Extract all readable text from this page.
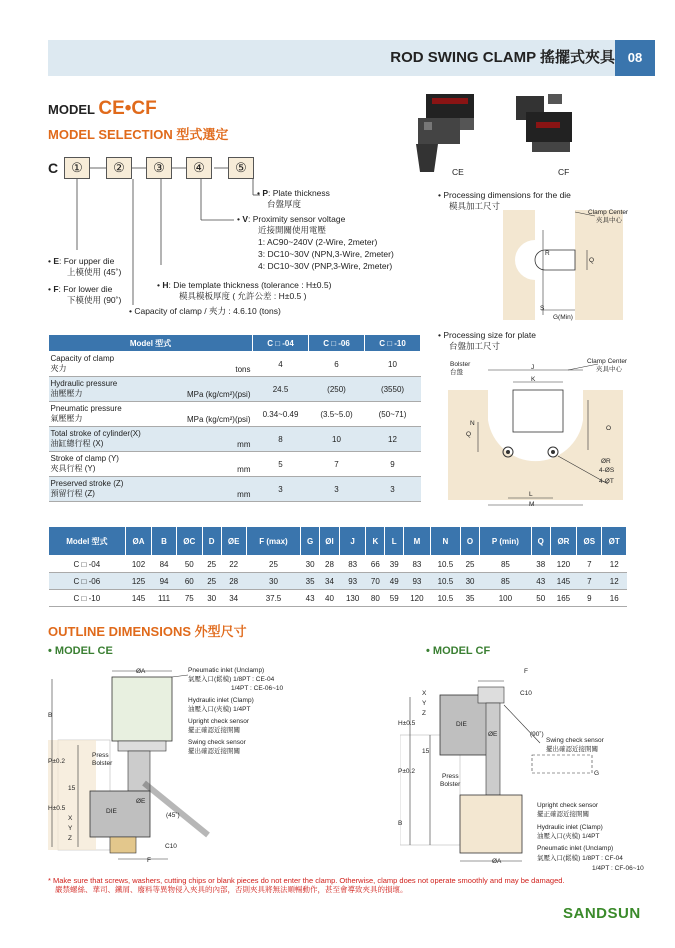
ROD SWING CLAMP 搖擺式夾具 08
MODEL CE•CF
MODEL SELECTION 型式選定
C	①	②	③	④	⑤
• P: Plate thickness
台盤厚度
• V: Proximity sensor voltage
近接開關使用電壓
1: AC90~240V (2-Wire, 2meter)
3: DC10~30V (NPN,3-Wire, 2meter)
4: DC10~30V (PNP,3-Wire, 2meter)
• E: For upper die
上模使用 (45˚)
• F: For lower die
下模使用 (90˚)
• H: Die template thickness (tolerance : H±0.5)
模具模板厚度 ( 允許公差 : H±0.5 )
• Capacity of clamp / 夾力 : 4.6.10 (tons)
CE	CF
• Processing dimensions for the die
模具加工尺寸
Clamp Center
夾具中心
S
R
G(Min)
Q
• Processing size for plate
台盤加工尺寸
Bolster
台盤
Clamp Center
夾具中心
J
K
N
O
Q
L
M
ØR
4-ØS
4-ØT
Model 型式		C □ -04	C □ -06	C □ -10

Capacity of clamp
夾力	tons	4	6	10

Hydraulic pressure
油壓壓力	MPa (kg/cm²)(psi)	24.5	(250)	(3550)

Pneumatic pressure
氣壓壓力	MPa (kg/cm²)(psi)	0.34~0.49	(3.5~5.0)	(50~71)

Total stroke of cylinder(X)
油缸總行程 (X)	mm	8	10	12

Stroke of clamp (Y)
夾具行程 (Y)	mm	5	7	9

Preserved stroke (Z)
預留行程 (Z)	mm	3	3	3
Model 型式	ØA	B	ØC	D	ØE	F (max)	G	ØI	J	K	L	M	N	O	P (min)	Q	ØR	ØS	ØT
C □ -04	102	84	50	25	22	25	30	28	83	66	39	83	10.5	25	85	38	120	7	12
C □ -06	125	94	60	25	28	30	35	34	93	70	49	93	10.5	30	85	43	145	7	12
C □ -10	145	111	75	30	34	37.5	43	40	130	80	59	120	10.5	35	100	50	165	9	16
OUTLINE DIMENSIONS 外型尺寸
• MODEL CE	• MODEL CF
ØA
B
P±0.2
H±0.5
15
X
Y
Z
Press
Bolster
DIE
ØE
(45˚)
C10
F
Pneumatic inlet (Unclamp)
氣壓入口(鬆模) 1/8PT : CE-04
1/4PT : CE-06~10
Hydraulic inlet (Clamp)
油壓入口(夾模) 1/4PT
Upright check sensor
擺正確認近接開關
Swing check sensor
擺出確認近接開關
F
C10
DIE
ØE	(90˚)
Press
Bolster
H±0.5
P±0.2
B
X
Y
Z
15
ØA
G
Swing check sensor
擺出確認近接開關
Upright check sensor
擺正確認近接開關
Hydraulic inlet (Clamp)
油壓入口(夾模) 1/4PT
Pneumatic inlet (Unclamp)
氣壓入口(鬆模) 1/8PT : CF-04
1/4PT : CF-06~10
* Make sure that screws, washers, cutting chips or blank pieces do not enter the clamp. Otherwise, clamp does not operate smoothly and may be damaged.
嚴禁螺絲、華司、鐵屑、廢料等異物侵入夾具的內部，否則夾具將無法順暢動作，甚至會導致夾具的損壞。
SANDSUN
